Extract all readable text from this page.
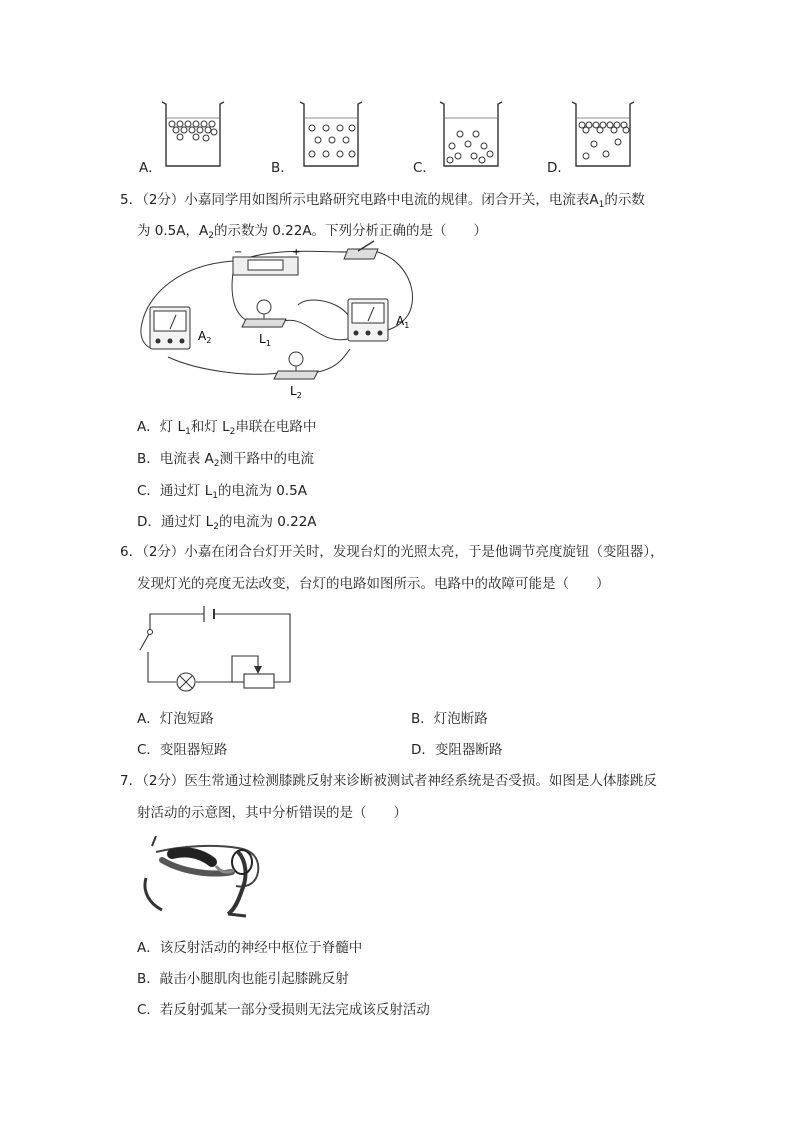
A．	B．	C．	D．
5．（2分）小嘉同学用如图所示电路研究电路中电流的规律。闭合开关，电流表$A_1$的示数
为 0.5A，$A_2$的示数为 0.22A。下列分析正确的是（　　）
−	+
$A_2$
$A_1$
$L_1$
$L_2$
A．灯 $L_1$和灯 $L_2$串联在电路中
B．电流表 $A_2$测干路中的电流
C．通过灯 $L_1$的电流为 0.5A
D．通过灯 $L_2$的电流为 0.22A
6．（2分）小嘉在闭合台灯开关时，发现台灯的光照太亮，于是他调节亮度旋钮（变阻器），
发现灯光的亮度无法改变，台灯的电路如图所示。电路中的故障可能是（　　）
A．灯泡短路	B．灯泡断路
C．变阻器短路	D．变阻器断路
7．（2分）医生常通过检测膝跳反射来诊断被测试者神经系统是否受损。如图是人体膝跳反
射活动的示意图，其中分析错误的是（　　）
A．该反射活动的神经中枢位于脊髓中
B．敲击小腿肌肉也能引起膝跳反射
C．若反射弧某一部分受损则无法完成该反射活动
